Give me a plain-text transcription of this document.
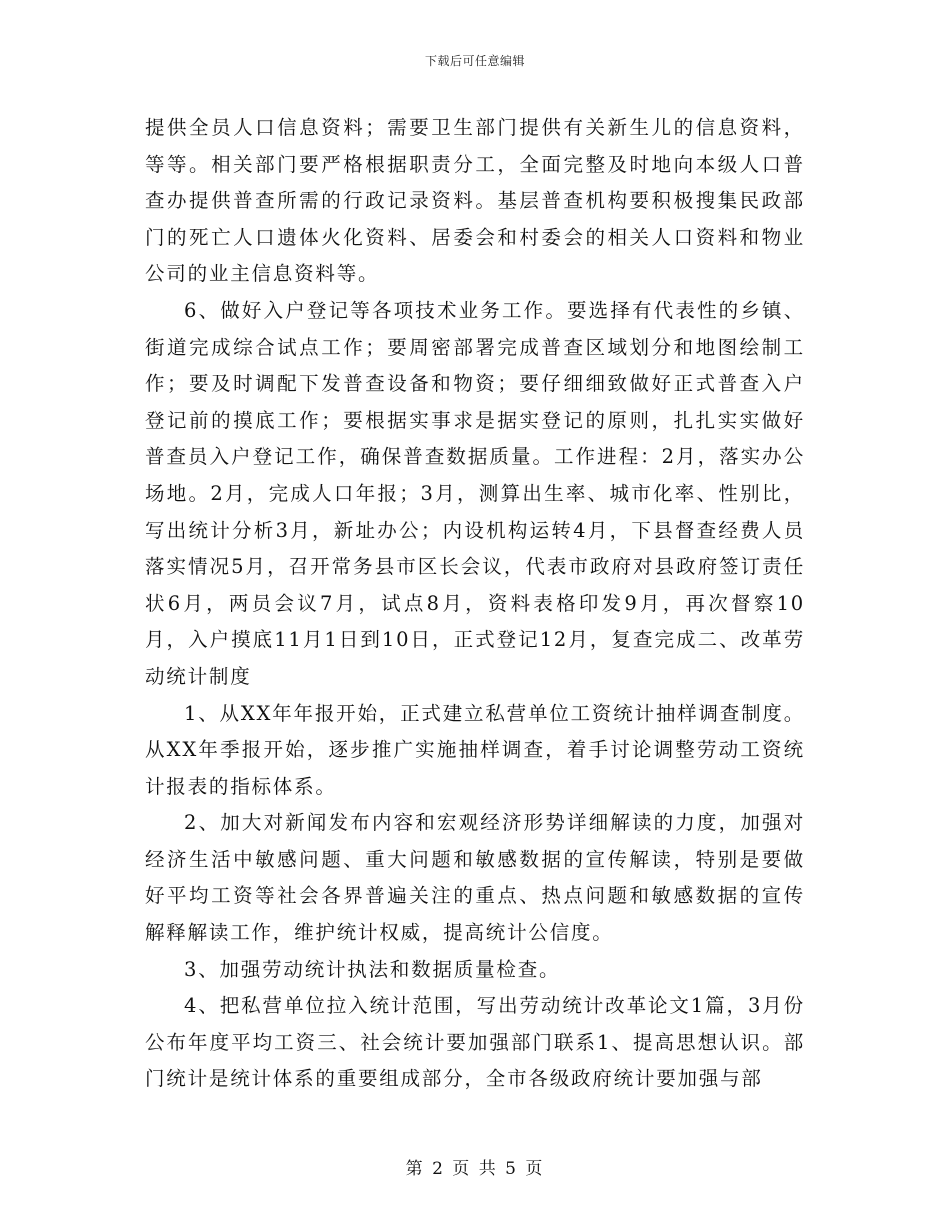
下载后可任意编辑

提供全员人口信息资料；需要卫生部门提供有关新生儿的信息资料，等等。相关部门要严格根据职责分工，全面完整及时地向本级人口普查办提供普查所需的行政记录资料。基层普查机构要积极搜集民政部门的死亡人口遗体火化资料、居委会和村委会的相关人口资料和物业公司的业主信息资料等。

6、做好入户登记等各项技术业务工作。要选择有代表性的乡镇、街道完成综合试点工作；要周密部署完成普查区域划分和地图绘制工作；要及时调配下发普查设备和物资；要仔细细致做好正式普查入户登记前的摸底工作；要根据实事求是据实登记的原则，扎扎实实做好普查员入户登记工作，确保普查数据质量。工作进程：2月，落实办公场地。2月，完成人口年报；3月，测算出生率、城市化率、性别比，写出统计分析3月，新址办公；内设机构运转4月，下县督查经费人员落实情况5月，召开常务县市区长会议，代表市政府对县政府签订责任状6月，两员会议7月，试点8月，资料表格印发9月，再次督察10月，入户摸底11月1日到10日，正式登记12月，复查完成二、改革劳动统计制度

1、从XX年年报开始，正式建立私营单位工资统计抽样调查制度。从XX年季报开始，逐步推广实施抽样调查，着手讨论调整劳动工资统计报表的指标体系。

2、加大对新闻发布内容和宏观经济形势详细解读的力度，加强对经济生活中敏感问题、重大问题和敏感数据的宣传解读，特别是要做好平均工资等社会各界普遍关注的重点、热点问题和敏感数据的宣传解释解读工作，维护统计权威，提高统计公信度。

3、加强劳动统计执法和数据质量检查。

4、把私营单位拉入统计范围，写出劳动统计改革论文1篇，3月份公布年度平均工资三、社会统计要加强部门联系1、提高思想认识。部门统计是统计体系的重要组成部分，全市各级政府统计要加强与部

第 2 页 共 5 页
